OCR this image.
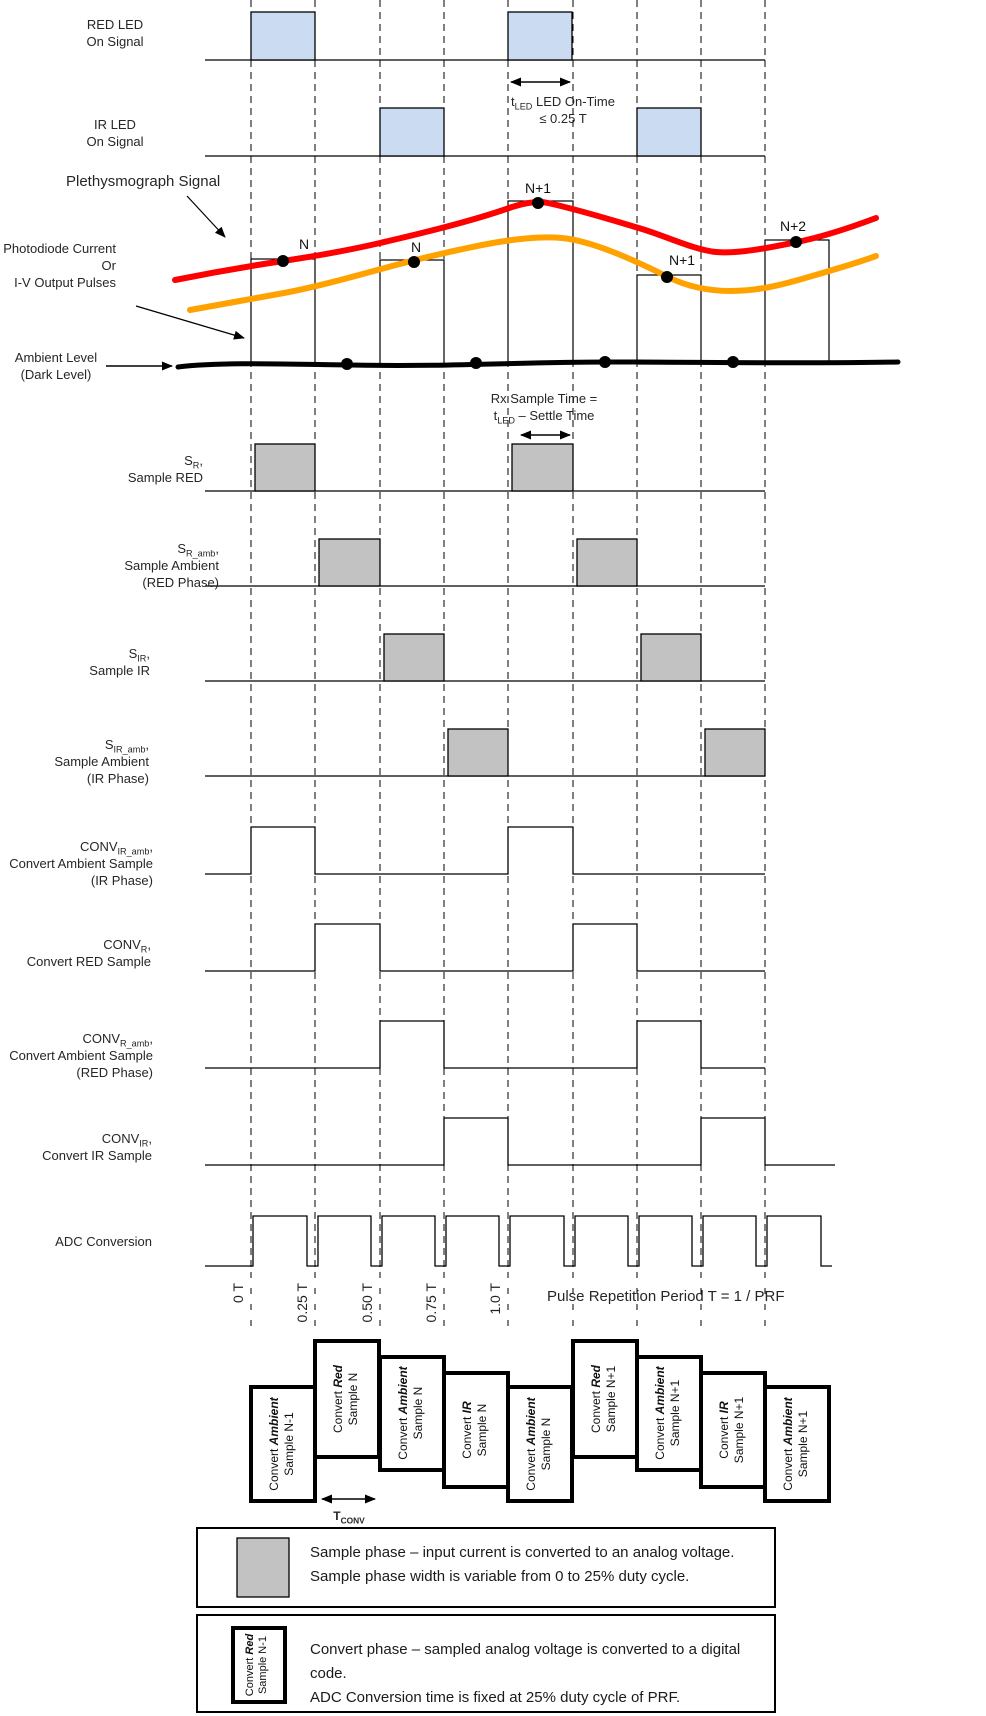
RED LED
On Signal
IR LED
On Signal
Plethysmograph Signal
$t_{LED}$ LED On-Time
≤ 0.25 T
Photodiode Current
Or
I-V Output Pulses
Ambient Level
(Dark Level)
N	N
N+1
N+1
N+2
Rx Sample Time =
$t_{LED}$ – Settle Time
$S_R$,
Sample RED
$S_{R\_amb}$,
Sample Ambient
(RED Phase)
$S_{IR}$,
Sample IR
$S_{IR\_amb}$,
Sample Ambient
(IR Phase)
$CONV_{IR\_amb}$,
Convert Ambient Sample
(IR Phase)
$CONV_R$,
Convert RED Sample
$CONV_{R\_amb}$,
Convert Ambient Sample
(RED Phase)
$CONV_{IR}$,
Convert IR Sample
ADC Conversion
0 T	0.25 T	0.50 T	0.75 T	1.0 T	Pulse Repetition Period T = 1 / PRF
Convert Ambient Sample N-1
Convert Red Sample N
Convert Ambient Sample N	Convert IR Sample N
Convert Ambient Sample N
Convert Red Sample N+1
Convert Ambient Sample N+1	Convert IR Sample N+1
Convert Ambient Sample N+1
$T_{CONV}$
Sample phase – input current is converted to an analog voltage.
Sample phase width is variable from 0 to 25% duty cycle.
Convert Red Sample N-1	Convert phase – sampled analog voltage is converted to a digital code.
ADC Conversion time is fixed at 25% duty cycle of PRF.
